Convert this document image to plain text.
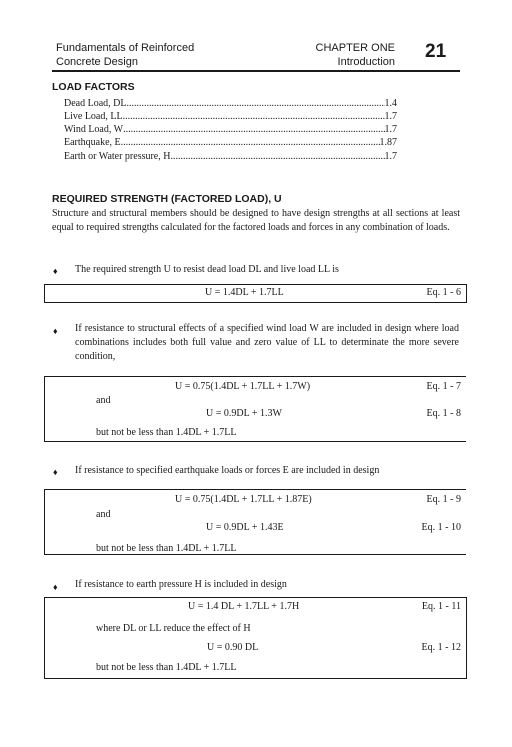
Fundamentals of Reinforced
Concrete Design
CHAPTER ONE
Introduction 21
LOAD FACTORS
Dead Load, DL .....	1.4
Live Load, LL .....	1.7
Wind Load, W .....	1.7
Earthquake, E .....	1.87
Earth or Water pressure, H .....	1.7
REQUIRED STRENGTH (FACTORED LOAD), U
Structure and structural members should be designed to have design strengths at all sections at least equal to required strengths calculated for the factored loads and forces in any combination of loads.
♦ The required strength U to resist dead load DL and live load LL is
U = 1.4DL + 1.7LL	Eq. 1 - 6
♦ If resistance to structural effects of a specified wind load W are included in design where load combinations includes both full value and zero value of LL to determinate the more severe condition,
U = 0.75(1.4DL + 1.7LL + 1.7W)	Eq. 1 - 7
and
U = 0.9DL + 1.3W	Eq. 1 - 8
but not be less than 1.4DL + 1.7LL
♦ If resistance to specified earthquake loads or forces E are included in design
U = 0.75(1.4DL + 1.7LL + 1.87E)	Eq. 1 - 9
and
U = 0.9DL + 1.43E	Eq. 1 - 10
but not be less than 1.4DL + 1.7LL
♦ If resistance to earth pressure H is included in design
U = 1.4 DL + 1.7LL + 1.7H	Eq. 1 - 11
where DL or LL reduce the effect of H
U = 0.90 DL	Eq. 1 - 12
but not be less than 1.4DL + 1.7LL
